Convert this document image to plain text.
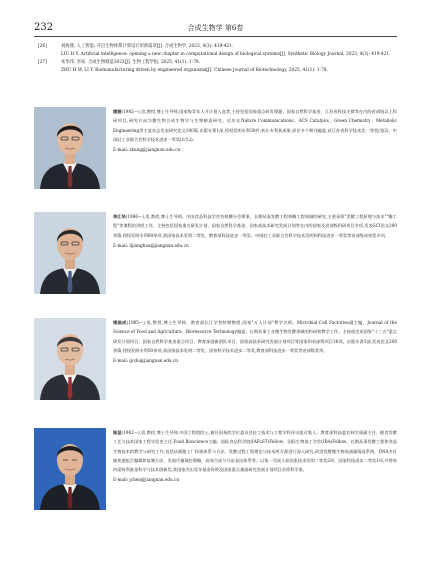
232	合成生物学 第6卷
[26]	刘海燕. 人工智能: 开启生物体系计算设计的新篇章[J]. 合成生物学, 2023, 4(3): 419-421.
LIU H Y. Artificial intelligence: opening a new chapter in computational design of biological systems[J]. Synthetic Biology Journal, 2023, 4(3): 419-421.
[27]	朱华伟, 李寅. 合成生物制造2023[J]. 生物工程学报, 2025, 41(1): 1-78.
ZHU H W, LI Y. Biomanufacturing driven by engineered organisms[J]. Chinese Journal of Biotechnology, 2025, 41(1): 1-78.
康振(1982—),男,教授,博士生导师,国家级青年人才计划入选者,主持包括国家重点研发课题、国家自然科学基金、江苏省科技支撑等在内的省部级以上科研项目,研究方向为微生物合成生物学与生物制造研究。近年在Nature Communications、ACS Catalysis、Green Chemistry、Metabolic Engineering等主流杂志发表研究论文100篇,出版专著1部,授权发明专利30件,转让专利获成果,担任多个期刊编委,获江苏省科学技术奖一等奖(第2)、中国轻工业联合会科学技术进步一等奖(1/12)。
E-mail: zkang@jiangnan.edu.cn
李江华(1966—),男,教授,博士生导师。中国食品科技学会有机酸分会理事。长期从事发酵工程和酶工程领域的研究,主要承担"发酵工程原理与技术""酶工程"等课程的讲授工作。主持包括国家重点研发计划、国家自然科学基金、国家高技术研究发展计划等在内的国家及省部级科研项目多项,发表SCI论文200余篇,授权发明专利60余项,获国家技术发明二等奖、教育部科技进步一等奖、中国轻工业联合会科学技术发明和科技进步一等奖等省部级成果奖多项。
E-mail: lijianghua@jiangnan.edu.cn
堵国成(1965—),男,教授,博士生导师。教育部长江学者特聘教授,国家"万人计划"教学名师。Microbial Cell Factories副主编、Journal of the Science of Food and Agriculture、Bioresource Technology编委。长期从事工业微生物发酵领域的科研和教学工作。主持或完成国家"十三五"重点研发计划项目、国家自然科学基金重点项目、教育部创新团队项目、国家高技术研究发展计划项目等国家和省部级项目16项。出版专著3部,发表论文200余篇,授权发明专利50余项,获国家技术发明二等奖、国家科学技术进步二等奖,教育部科技进步一等奖等省部级奖项。
E-mail: gcdu@jiangnan.edu.cn
陈坚(1962—),男,教授,博士生导师,中国工程院院士,兼任国务院学位委员会轻工技术与工程学科评议组召集人、教育部科技委农林学部副主任、粮食发酵工艺与技术国家工程实验室主任,Food Bioscience主编。国际食品科学院(IAFoST)Fellow、国际生物加工学会(IBA)Fellow。长期从事发酵工程和食品生物技术的教学与研究工作,包括从细胞工厂构建体系与方法、发酵过程工程理论与技术两方面进行深入研究,改进发酵微生物高通量筛选系统、DNA多区域快速组合编辑和复制方法、发展代谢调控策略、高效合成与分泌表达体系等。以第一完成人获国家技术发明二等奖2项、国家科技进步二等奖1项,并曾获何梁何利基金科学与技术创新奖,获国家杰出青年基金资助及国家重点基础研究发展计划项目首席科学家。
E-mail: jchen@jiangnan.edu.cn
